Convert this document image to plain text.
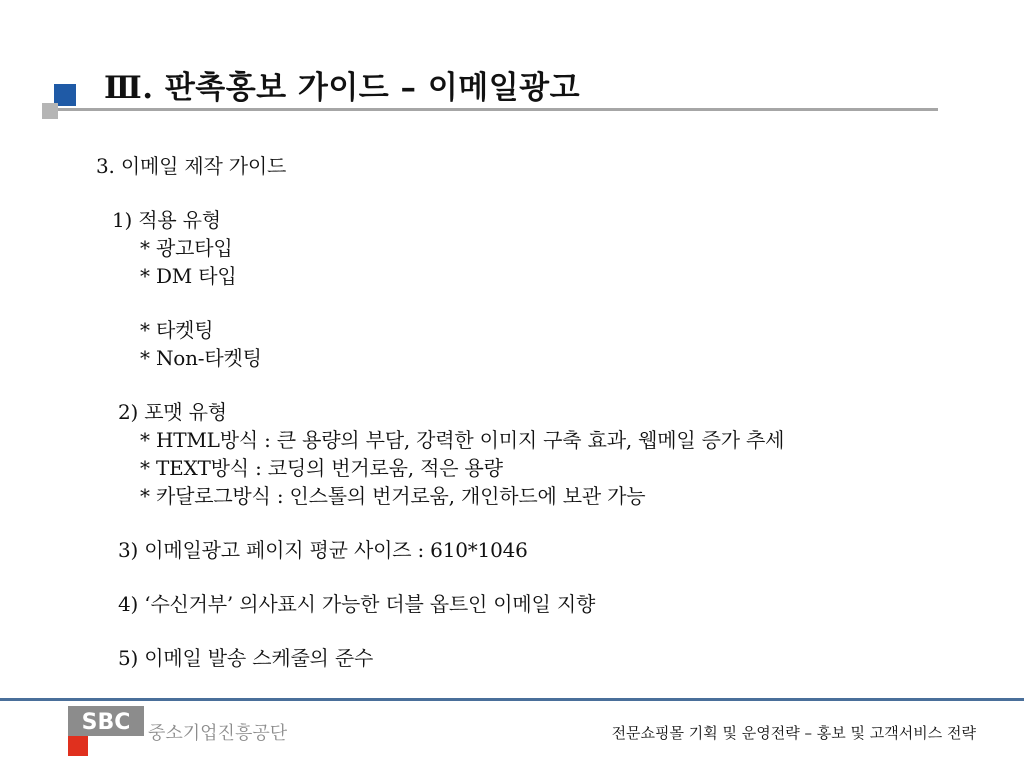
Ⅲ. 판촉홍보 가이드 – 이메일광고
3. 이메일 제작 가이드
1) 적용 유형
* 광고타입
* DM 타입
* 타켓팅
* Non-타켓팅
2) 포맷 유형
* HTML방식 : 큰 용량의 부담, 강력한 이미지 구축 효과, 웹메일 증가 추세
* TEXT방식 : 코딩의 번거로움, 적은 용량
* 카달로그방식 : 인스톨의 번거로움, 개인하드에 보관 가능
3) 이메일광고 페이지 평균 사이즈 : 610*1046
4) ‘수신거부’ 의사표시 가능한 더블 옵트인 이메일 지향
5) 이메일 발송 스케줄의 준수
SBC 중소기업진흥공단	전문쇼핑몰 기획 및 운영전략 – 홍보 및 고객서비스 전략
